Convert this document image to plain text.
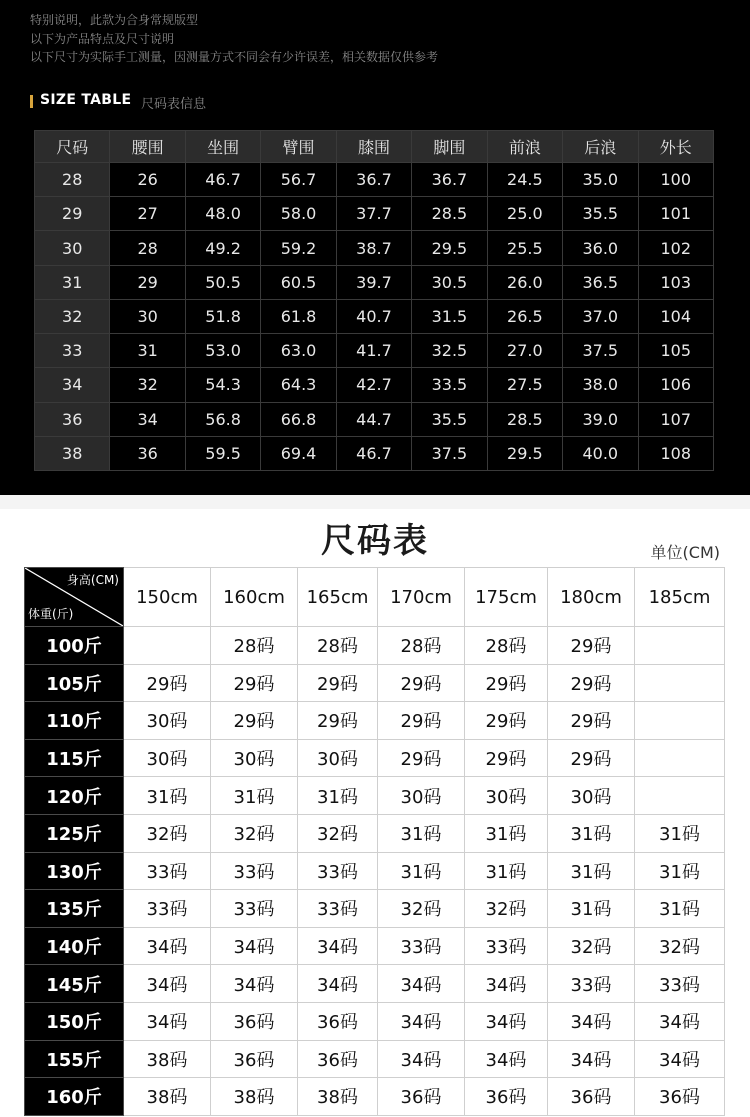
特别说明，此款为合身常规版型
以下为产品特点及尺寸说明
以下尺寸为实际手工测量，因测量方式不同会有少许误差，相关数据仅供参考
SIZE TABLE 尺码表信息
尺码	腰围	坐围	臂围	膝围	脚围	前浪	后浪	外长
28	26	46.7	56.7	36.7	36.7	24.5	35.0	100
29	27	48.0	58.0	37.7	28.5	25.0	35.5	101
30	28	49.2	59.2	38.7	29.5	25.5	36.0	102
31	29	50.5	60.5	39.7	30.5	26.0	36.5	103
32	30	51.8	61.8	40.7	31.5	26.5	37.0	104
33	31	53.0	63.0	41.7	32.5	27.0	37.5	105
34	32	54.3	64.3	42.7	33.5	27.5	38.0	106
36	34	56.8	66.8	44.7	35.5	28.5	39.0	107
38	36	59.5	69.4	46.7	37.5	29.5	40.0	108
尺码表	单位(CM)
身高(CM)
体重(斤)	150cm	160cm	165cm	170cm	175cm	180cm	185cm
100斤		28码	28码	28码	28码	29码	
105斤	29码	29码	29码	29码	29码	29码	
110斤	30码	29码	29码	29码	29码	29码	
115斤	30码	30码	30码	29码	29码	29码	
120斤	31码	31码	31码	30码	30码	30码	
125斤	32码	32码	32码	31码	31码	31码	31码
130斤	33码	33码	33码	31码	31码	31码	31码
135斤	33码	33码	33码	32码	32码	31码	31码
140斤	34码	34码	34码	33码	33码	32码	32码
145斤	34码	34码	34码	34码	34码	33码	33码
150斤	34码	36码	36码	34码	34码	34码	34码
155斤	38码	36码	36码	34码	34码	34码	34码
160斤	38码	38码	38码	36码	36码	36码	36码
